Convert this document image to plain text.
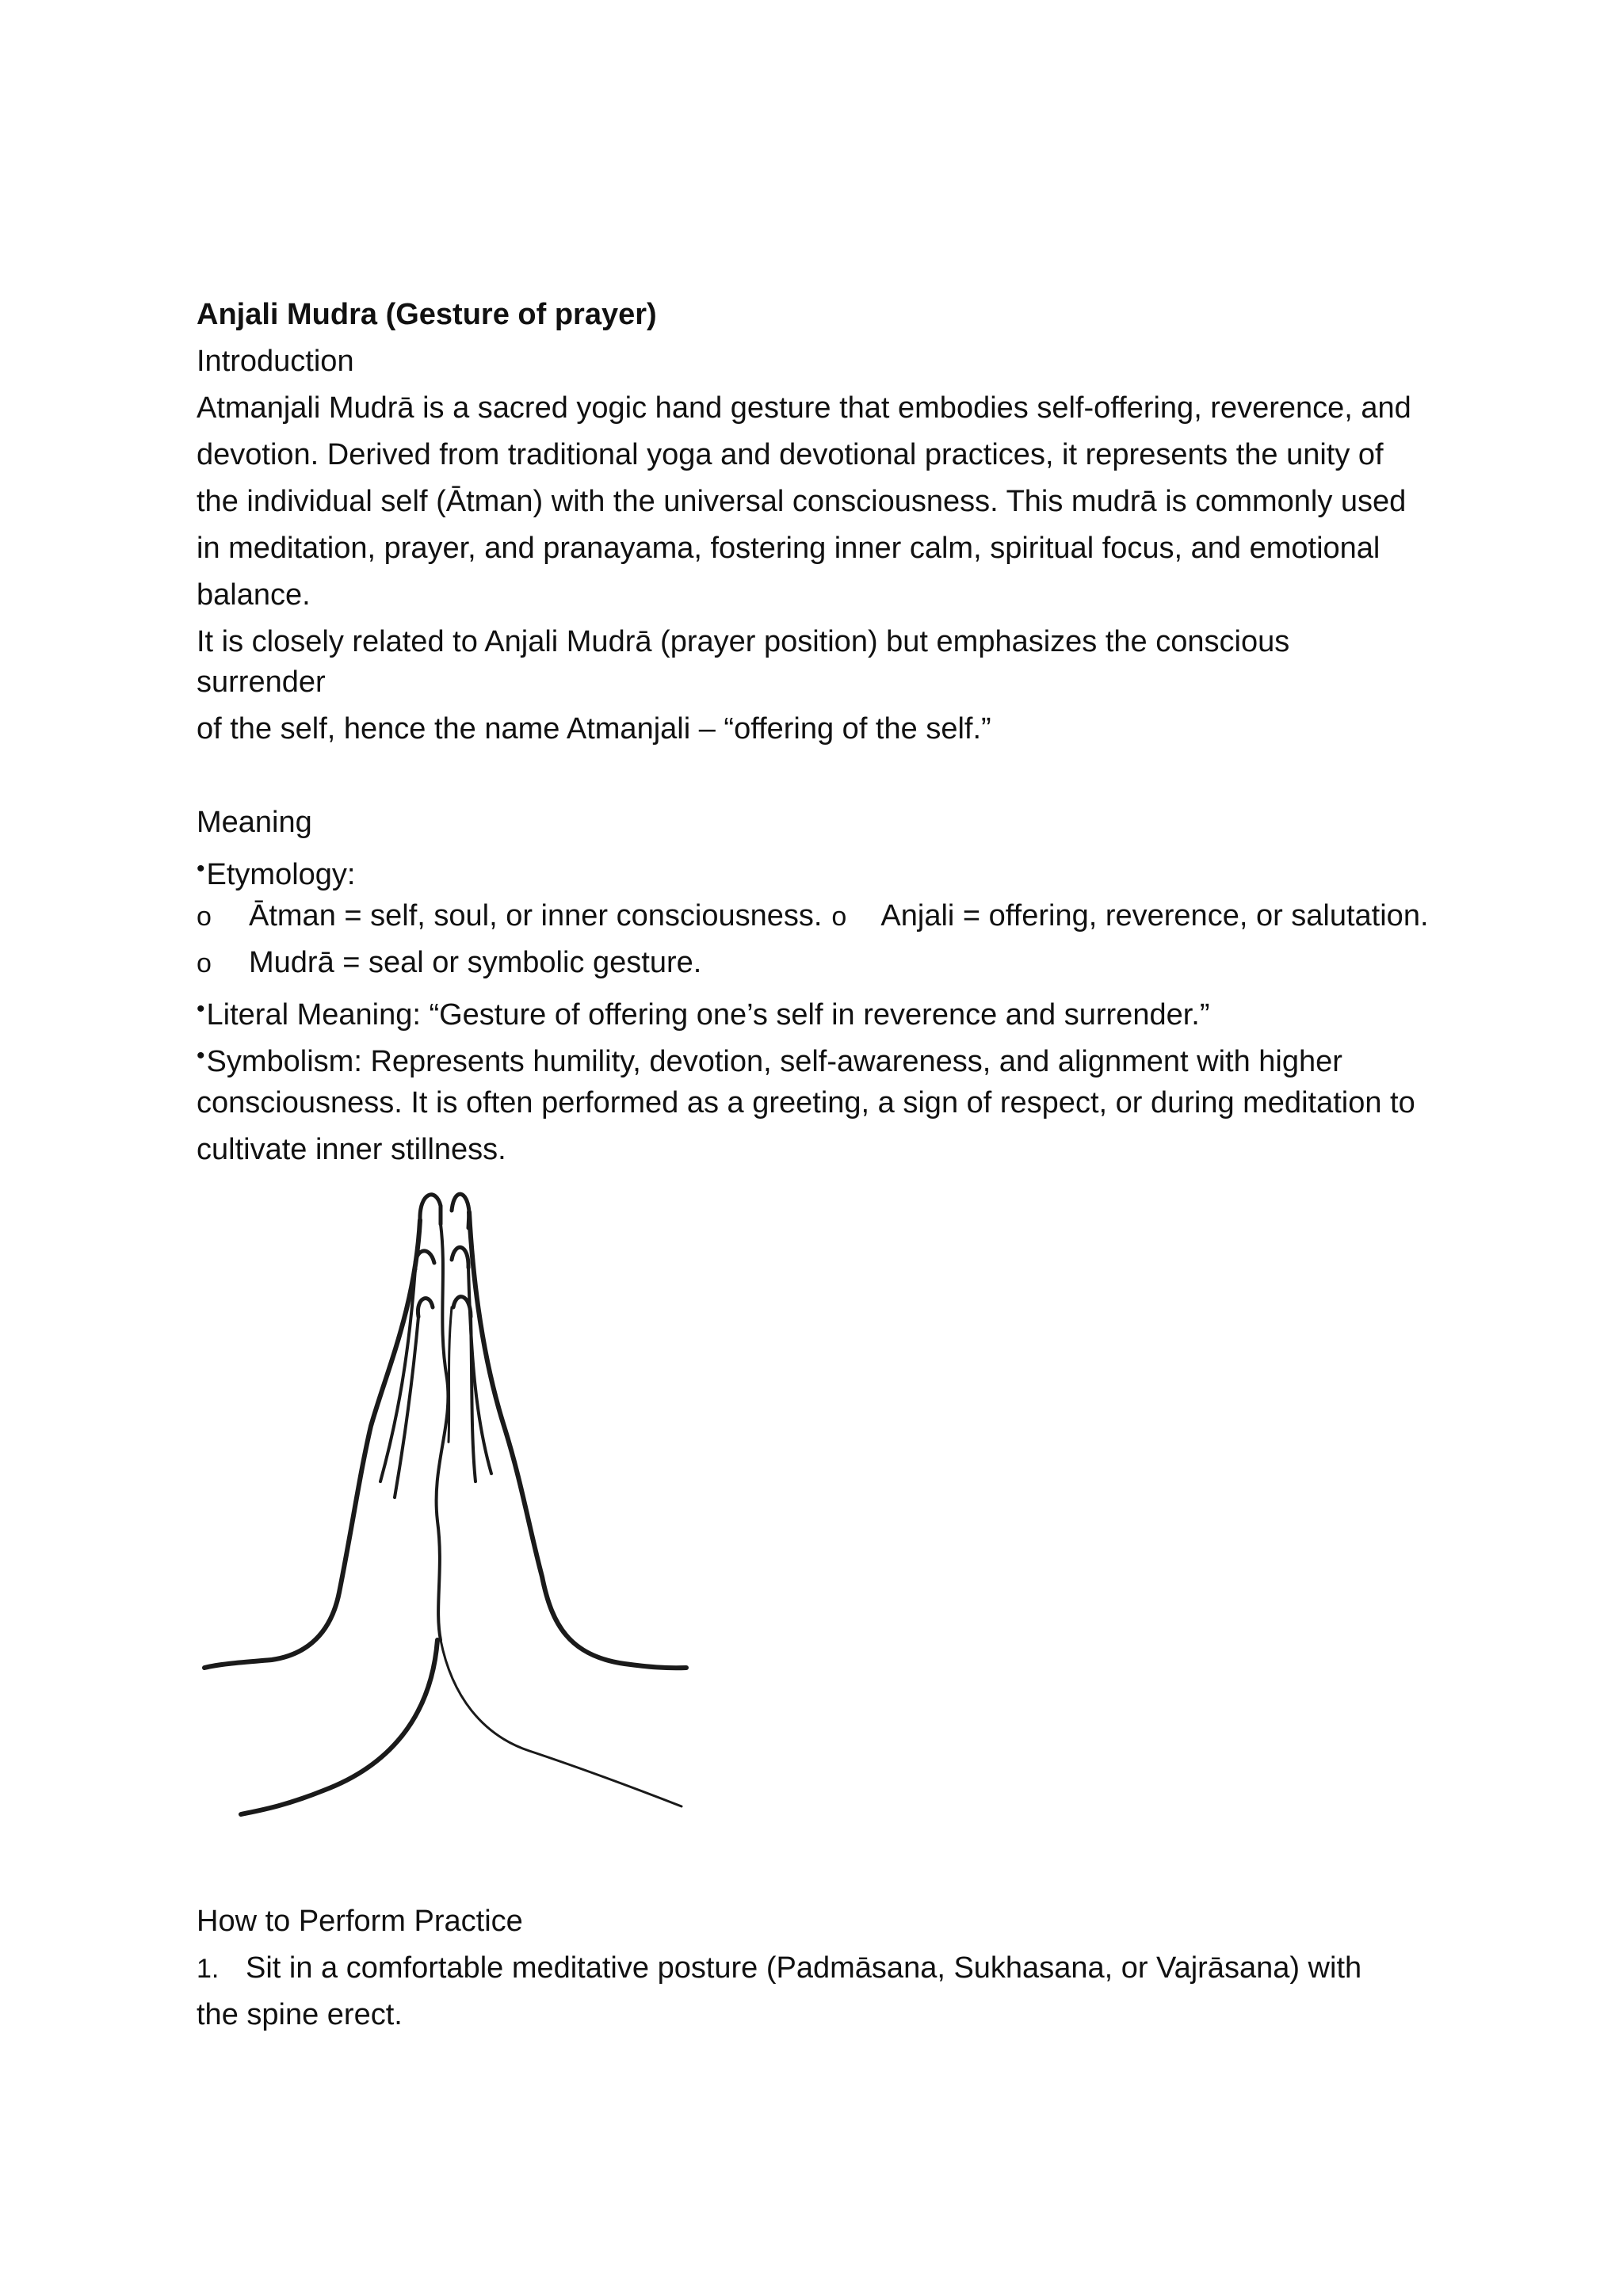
Anjali Mudra (Gesture of prayer)
Introduction
Atmanjali Mudrā is a sacred yogic hand gesture that embodies self-offering, reverence, and
devotion. Derived from traditional yoga and devotional practices, it represents the unity of
the individual self (Ātman) with the universal consciousness. This mudrā is commonly used
in meditation, prayer, and pranayama, fostering inner calm, spiritual focus, and emotional
balance.
It is closely related to Anjali Mudrā (prayer position) but emphasizes the conscious
surrender
of the self, hence the name Atmanjali – “offering of the self.”
Meaning
•Etymology:
o Ātman = self, soul, or inner consciousness. o Anjali = offering, reverence, or salutation.
o Mudrā = seal or symbolic gesture.
•Literal Meaning: “Gesture of offering one’s self in reverence and surrender.”
•Symbolism: Represents humility, devotion, self-awareness, and alignment with higher
consciousness. It is often performed as a greeting, a sign of respect, or during meditation to
cultivate inner stillness.
How to Perform Practice
1. Sit in a comfortable meditative posture (Padmāsana, Sukhasana, or Vajrāsana) with
the spine erect.
